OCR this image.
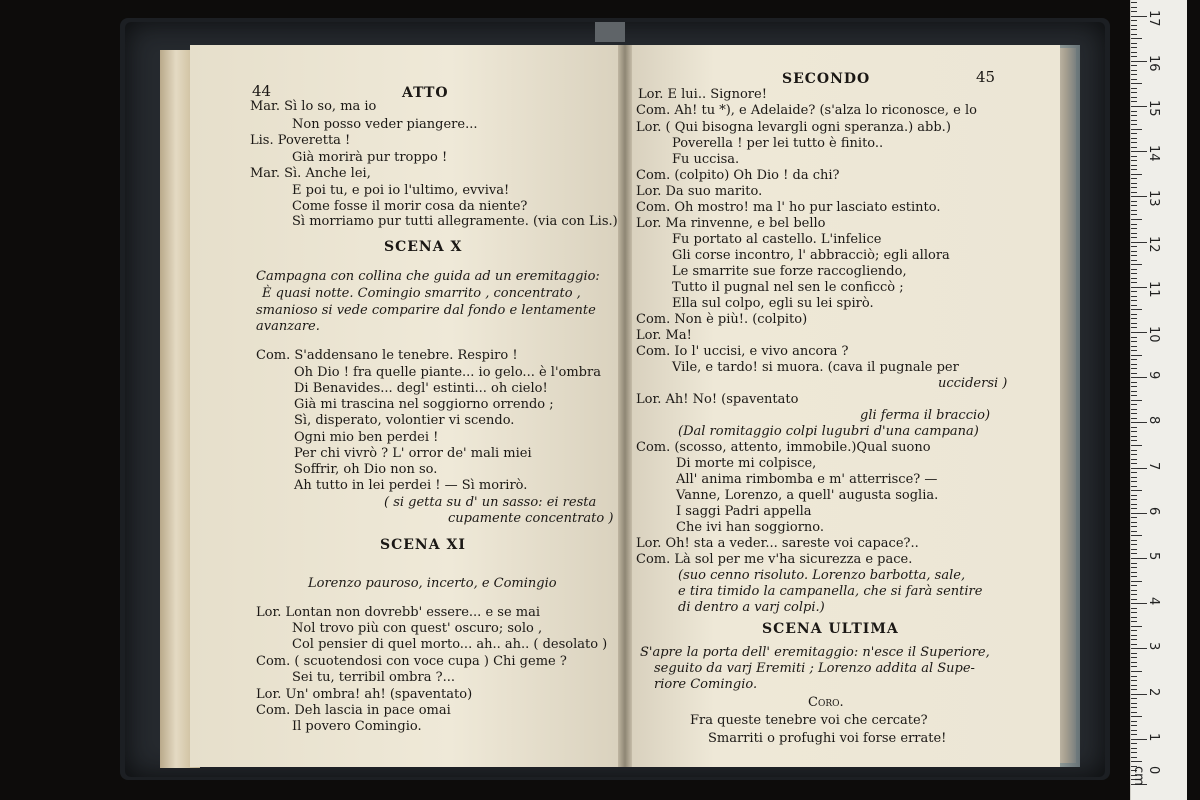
44	ATTO
Mar. Sì lo so, ma io
Non posso veder piangere...
Lis. Poveretta !
Già morirà pur troppo !
Mar. Sì. Anche lei,
E poi tu, e poi io l'ultimo, evviva!
Come fosse il morir cosa da niente?
Sì morriamo pur tutti allegramente. (via con Lis.)
SCENA X
Campagna con collina che guida ad un eremitaggio:
È quasi notte. Comingio smarrito , concentrato ,
smanioso si vede comparire dal fondo e lentamente
avanzare.
Com. S'addensano le tenebre. Respiro !
Oh Dio ! fra quelle piante... io gelo... è l'ombra
Di Benavides... degl' estinti... oh cielo!
Già mi trascina nel soggiorno orrendo ;
Sì, disperato, volontier vi scendo.
Ogni mio ben perdei !
Per chi vivrò ? L' orror de' mali miei
Soffrir, oh Dio non so.
Ah tutto in lei perdei ! — Sì morirò.
( si getta su d' un sasso: ei resta
cupamente concentrato )
SCENA XI
Lorenzo pauroso, incerto, e Comingio
Lor. Lontan non dovrebb' essere... e se mai
Nol trovo più con quest' oscuro; solo ,
Col pensier di quel morto... ah.. ah.. ( desolato )
Com. ( scuotendosi con voce cupa ) Chi geme ?
Sei tu, terribil ombra ?...
Lor. Un' ombra! ah! (spaventato)
Com. Deh lascia in pace omai
Il povero Comingio.
SECONDO	45
Lor. E lui.. Signore!
Com. Ah! tu *), e Adelaide? (s'alza lo riconosce, e lo
Lor. ( Qui bisogna levargli ogni speranza.) abb.)
Poverella ! per lei tutto è finito..
Fu uccisa.
Com. (colpito) Oh Dio ! da chi?
Lor. Da suo marito.
Com. Oh mostro! ma l' ho pur lasciato estinto.
Lor. Ma rinvenne, e bel bello
Fu portato al castello. L'infelice
Gli corse incontro, l' abbracciò; egli allora
Le smarrite sue forze raccogliendo,
Tutto il pugnal nel sen le conficcò ;
Ella sul colpo, egli su lei spirò.
Com. Non è più!. (colpito)
Lor. Ma!
Com. Io l' uccisi, e vivo ancora ?
Vile, e tardo! si muora. (cava il pugnale per
uccidersi )
Lor. Ah! No! (spaventato
gli ferma il braccio)
(Dal romitaggio colpi lugubri d'una campana)
Com. (scosso, attento, immobile.)Qual suono
Di morte mi colpisce,
All' anima rimbomba e m' atterrisce? —
Vanne, Lorenzo, a quell' augusta soglia.
I saggi Padri appella
Che ivi han soggiorno.
Lor. Oh! sta a veder... sareste voi capace?..
Com. Là sol per me v'ha sicurezza e pace.
(suo cenno risoluto. Lorenzo barbotta, sale,
e tira timido la campanella, che si farà sentire
di dentro a varj colpi.)
SCENA ULTIMA
S'apre la porta dell' eremitaggio: n'esce il Superiore,
seguito da varj Eremiti ; Lorenzo addita al Supe-
riore Comingio.
Coro.
Fra queste tenebre voi che cercate?
Smarriti o profughi voi forse errate!	1
2
3
4
5
6
7
8
9
10
11
12
13
14
15
16
17
0 cm
